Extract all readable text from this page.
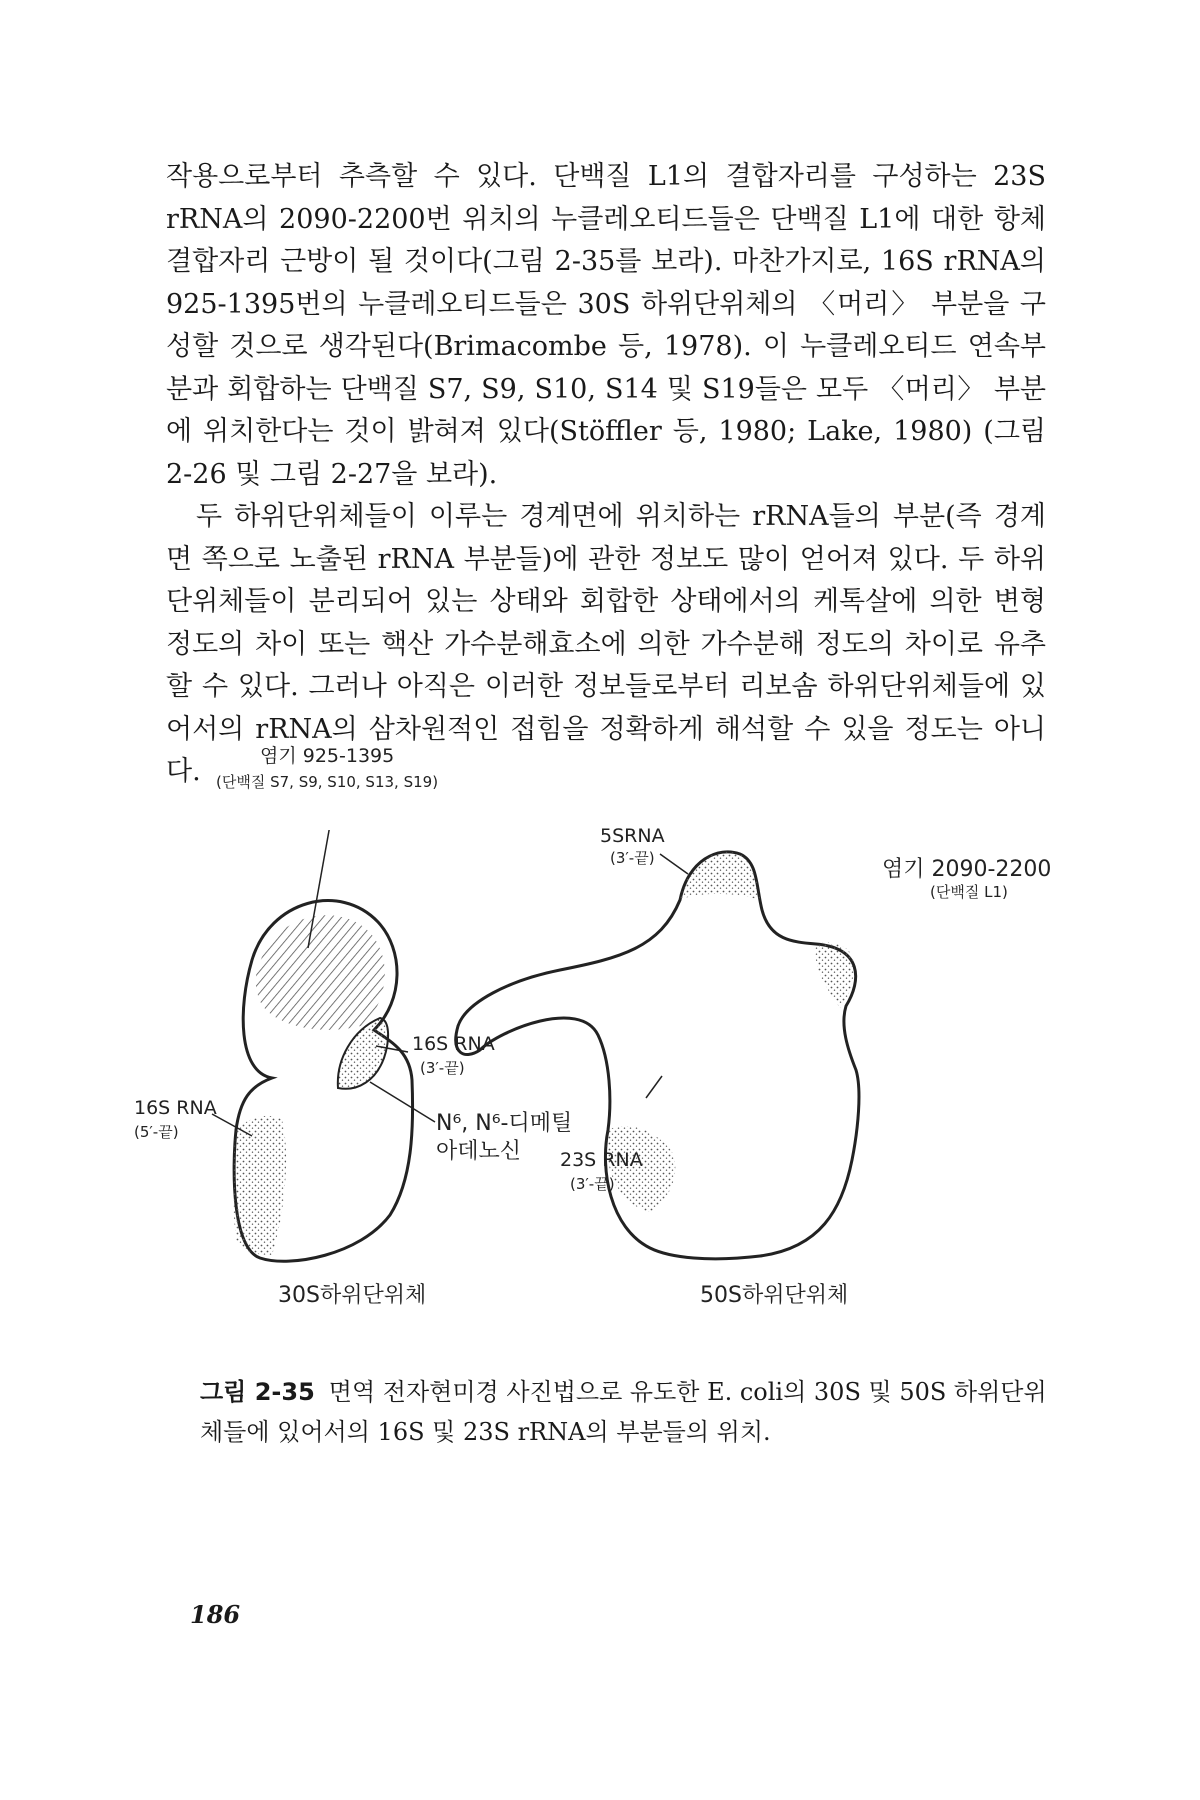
작용으로부터 추측할 수 있다. 단백질 L1의 결합자리를 구성하는 23S rRNA의 2090-2200번 위치의 누클레오티드들은 단백질 L1에 대한 항체 결합자리 근방이 될 것이다(그림 2-35를 보라). 마찬가지로, 16S rRNA의 925-1395번의 누클레오티드들은 30S 하위단위체의 〈머리〉 부분을 구성할 것으로 생각된다(Brimacombe 등, 1978). 이 누클레오티드 연속부분과 회합하는 단백질 S7, S9, S10, S14 및 S19들은 모두 〈머리〉 부분에 위치한다는 것이 밝혀져 있다(Stöffler 등, 1980; Lake, 1980) (그림 2-26 및 그림 2-27을 보라).

두 하위단위체들이 이루는 경계면에 위치하는 rRNA들의 부분(즉 경계면 쪽으로 노출된 rRNA 부분들)에 관한 정보도 많이 얻어져 있다. 두 하위단위체들이 분리되어 있는 상태와 회합한 상태에서의 케톡살에 의한 변형 정도의 차이 또는 핵산 가수분해효소에 의한 가수분해 정도의 차이로 유추할 수 있다. 그러나 아직은 이러한 정보들로부터 리보솜 하위단위체들에 있어서의 rRNA의 삼차원적인 접힘을 정확하게 해석할 수 있을 정도는 아니다.	염기 925-1395
(단백질 S7, S9, S10, S13, S19)
16S RNA
(3′-끝)
16S RNA
(5′-끝)	N⁶, N⁶-디메틸
아데노신
5SRNA
(3′-끝)	염기 2090-2200
(단백질 L1)
23S RNA
(3′-끝)
30S하위단위체	50S하위단위체

그림 2-35 면역 전자현미경 사진법으로 유도한 E. coli의 30S 및 50S 하위단위체들에 있어서의 16S 및 23S rRNA의 부분들의 위치.

186
